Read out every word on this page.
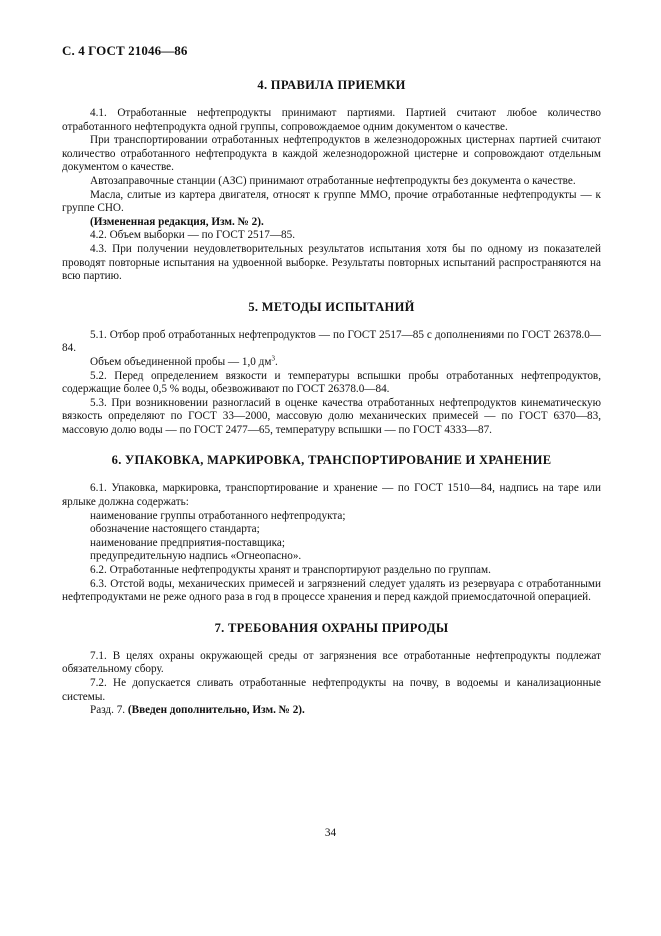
С. 4 ГОСТ 21046—86
4. ПРАВИЛА ПРИЕМКИ

4.1. Отработанные нефтепродукты принимают партиями. Партией считают любое количество отработанного нефтепродукта одной группы, сопровождаемое одним документом о качестве.

При транспортировании отработанных нефтепродуктов в железнодорожных цистернах партией считают количество отработанного нефтепродукта в каждой железнодорожной цистерне и сопровождают отдельным документом о качестве.

Автозаправочные станции (АЗС) принимают отработанные нефтепродукты без документа о качестве.

Масла, слитые из картера двигателя, относят к группе ММО, прочие отработанные нефтепродукты — к группе СНО.

(Измененная редакция, Изм. № 2).

4.2. Объем выборки — по ГОСТ 2517—85.

4.3. При получении неудовлетворительных результатов испытания хотя бы по одному из показателей проводят повторные испытания на удвоенной выборке. Результаты повторных испытаний распространяются на всю партию.

5. МЕТОДЫ ИСПЫТАНИЙ

5.1. Отбор проб отработанных нефтепродуктов — по ГОСТ 2517—85 с дополнениями по ГОСТ 26378.0—84.

Объем объединенной пробы — 1,0 $дм^3$.

5.2. Перед определением вязкости и температуры вспышки пробы отработанных нефтепродуктов, содержащие более 0,5 % воды, обезвоживают по ГОСТ 26378.0—84.

5.3. При возникновении разногласий в оценке качества отработанных нефтепродуктов кинематическую вязкость определяют по ГОСТ 33—2000, массовую долю механических примесей — по ГОСТ 6370—83, массовую долю воды — по ГОСТ 2477—65, температуру вспышки — по ГОСТ 4333—87.

6. УПАКОВКА, МАРКИРОВКА, ТРАНСПОРТИРОВАНИЕ И ХРАНЕНИЕ

6.1. Упаковка, маркировка, транспортирование и хранение — по ГОСТ 1510—84, надпись на таре или ярлыке должна содержать:

наименование группы отработанного нефтепродукта;

обозначение настоящего стандарта;

наименование предприятия-поставщика;

предупредительную надпись «Огнеопасно».

6.2. Отработанные нефтепродукты хранят и транспортируют раздельно по группам.

6.3. Отстой воды, механических примесей и загрязнений следует удалять из резервуара с отработанными нефтепродуктами не реже одного раза в год в процессе хранения и перед каждой приемосдаточной операцией.

7. ТРЕБОВАНИЯ ОХРАНЫ ПРИРОДЫ

7.1. В целях охраны окружающей среды от загрязнения все отработанные нефтепродукты подлежат обязательному сбору.

7.2. Не допускается сливать отработанные нефтепродукты на почву, в водоемы и канализационные системы.

Разд. 7. (Введен дополнительно, Изм. № 2).

34
